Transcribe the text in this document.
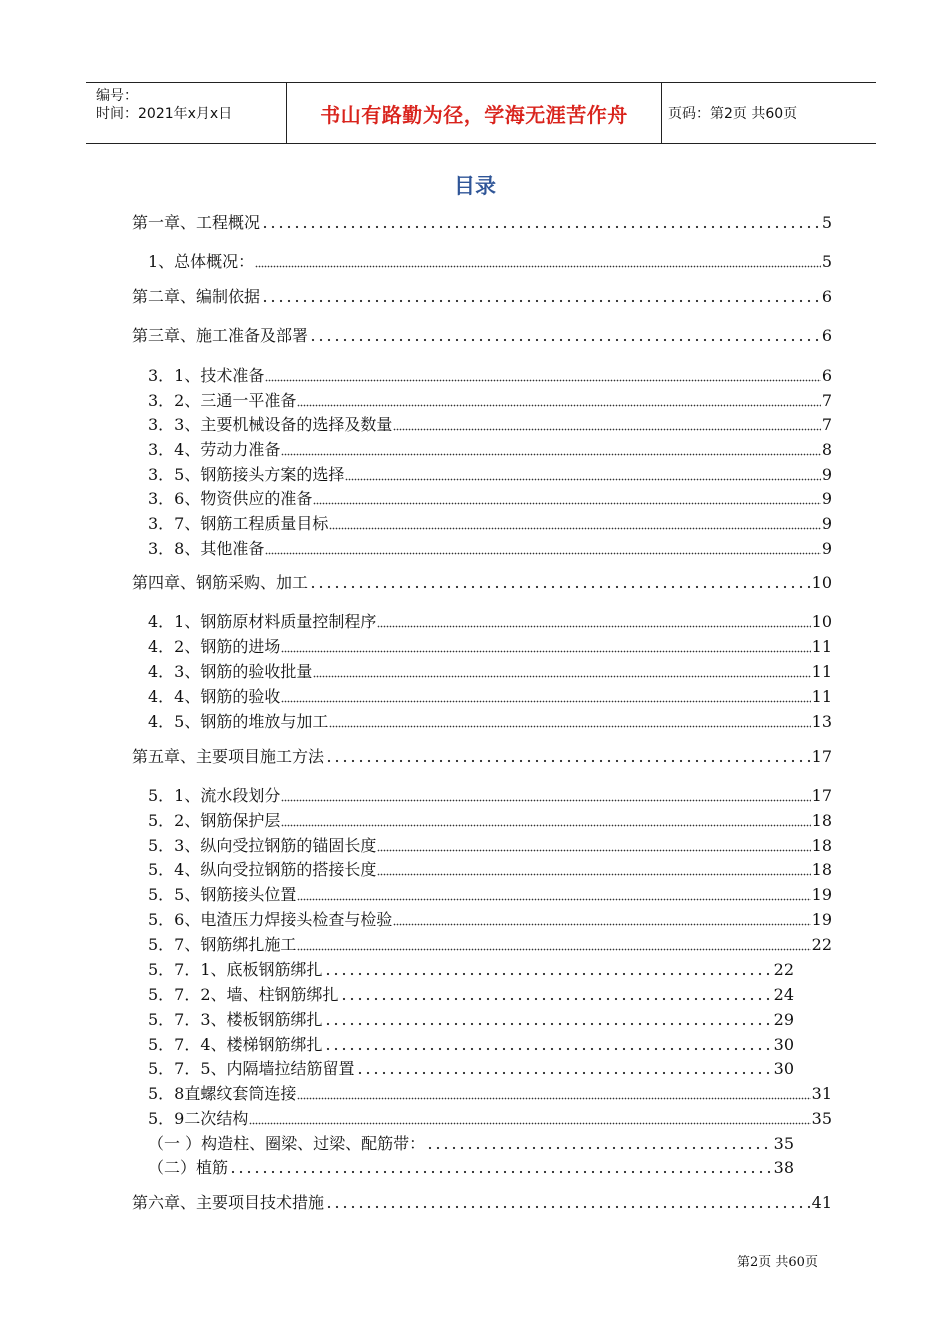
编号：
时间：2021年x月x日	书山有路勤为径，学海无涯苦作舟	页码：第2页 共60页
目录
第一章、工程概况	5
1、总体概况：	5
第二章、编制依据	6
第三章、施工准备及部署	6
3．1、技术准备	6
3．2、三通一平准备	7
3．3、主要机械设备的选择及数量	7
3．4、劳动力准备	8
3．5、钢筋接头方案的选择	9
3．6、物资供应的准备	9
3．7、钢筋工程质量目标	9
3．8、其他准备	9
第四章、钢筋采购、加工	10
4．1、钢筋原材料质量控制程序	10
4．2、钢筋的进场	11
4．3、钢筋的验收批量	11
4．4、钢筋的验收	11
4．5、钢筋的堆放与加工	13
第五章、主要项目施工方法	17
5．1、流水段划分	17
5．2、钢筋保护层	18
5．3、纵向受拉钢筋的锚固长度	18
5．4、纵向受拉钢筋的搭接长度	18
5．5、钢筋接头位置	19
5．6、电渣压力焊接头检查与检验	19
5．7、钢筋绑扎施工	22
5．7．1、底板钢筋绑扎	22
5．7．2、墙、柱钢筋绑扎	24
5．7．3、楼板钢筋绑扎	29
5．7．4、楼梯钢筋绑扎	30
5．7．5、内隔墙拉结筋留置	30
5．8直螺纹套筒连接	31
5．9二次结构	35
（一 ）构造柱、圈梁、过梁、配筋带：	35
（二）植筋	38
第六章、主要项目技术措施	41
第2页 共60页
